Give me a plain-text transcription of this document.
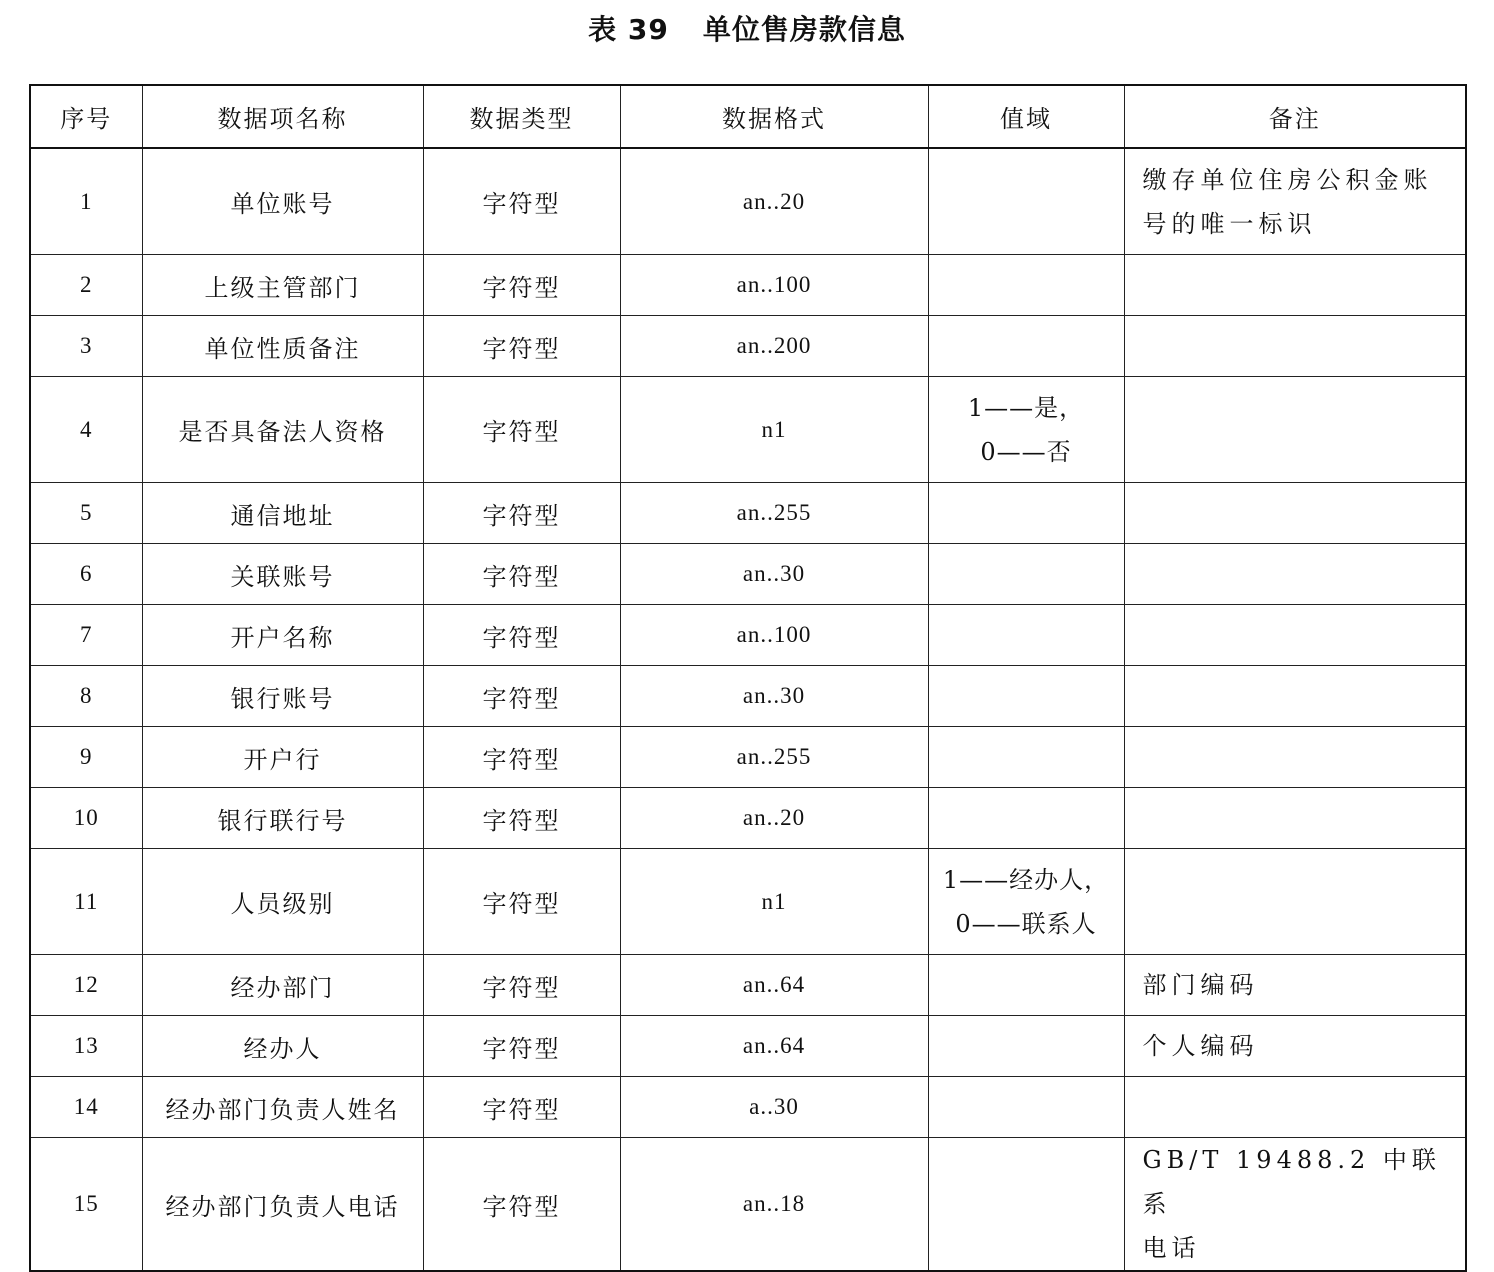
表 39 单位售房款信息
序号	数据项名称	数据类型	数据格式	值域	备注
1	单位账号	字符型	an..20		缴存单位住房公积金账
号的唯一标识

2	上级主管部门	字符型	an..100		
3	单位性质备注	字符型	an..200		
4	是否具备法人资格	字符型	n1	1——是，
0——否	

5	通信地址	字符型	an..255		
6	关联账号	字符型	an..30		
7	开户名称	字符型	an..100		
8	银行账号	字符型	an..30		
9	开户行	字符型	an..255		
10	银行联行号	字符型	an..20		
11	人员级别	字符型	n1	1——经办人，
0——联系人	

12	经办部门	字符型	an..64		部门编码

13	经办人	字符型	an..64		个人编码

14	经办部门负责人姓名	字符型	a..30		
15	经办部门负责人电话	字符型	an..18		GB/T 19488.2 中联系
电话
